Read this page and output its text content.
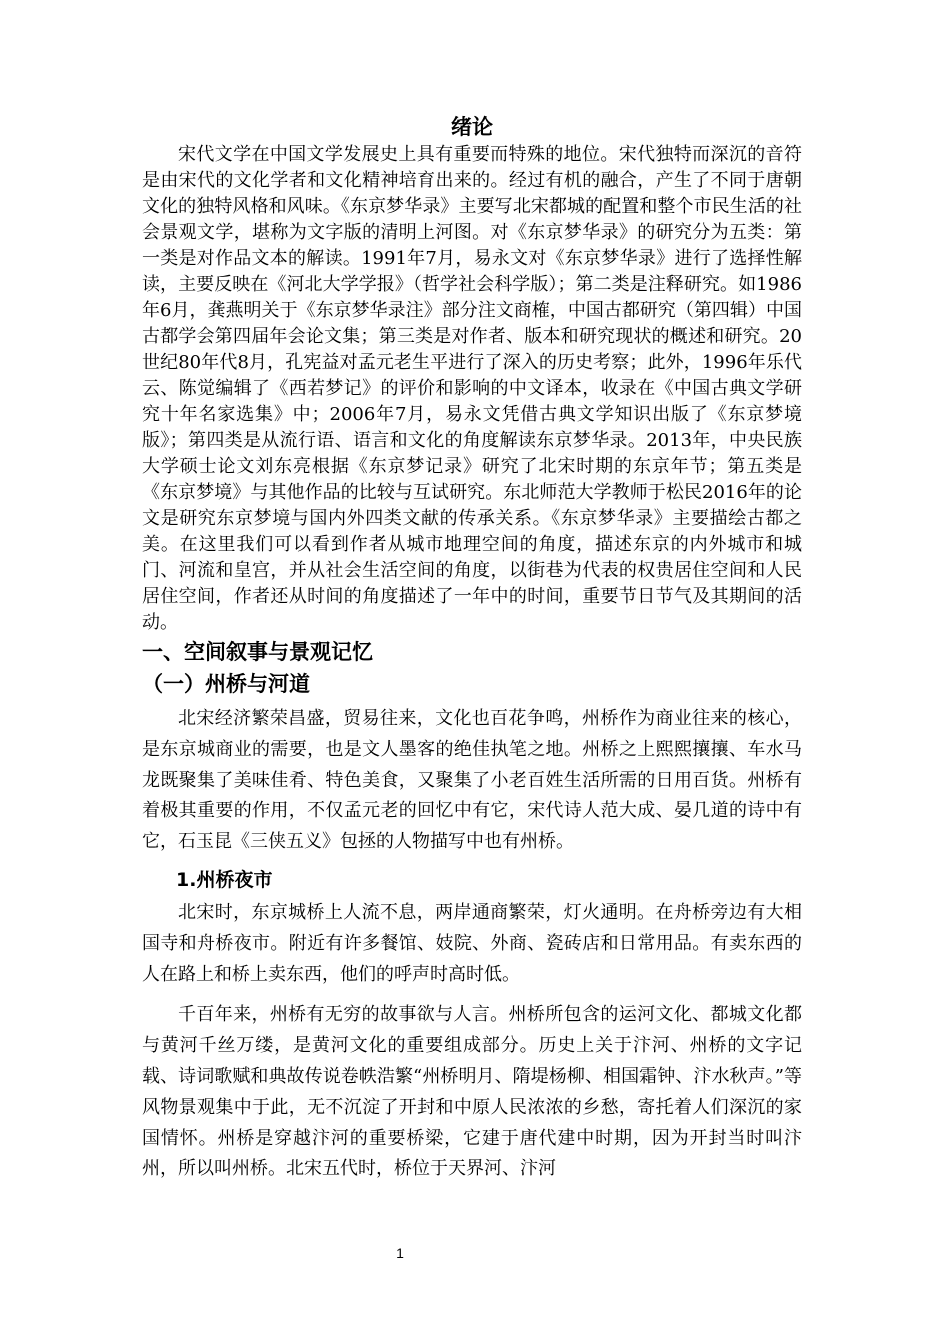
绪论

宋代文学在中国文学发展史上具有重要而特殊的地位。宋代独特而深沉的音符是由宋代的文化学者和文化精神培育出来的。经过有机的融合，产生了不同于唐朝文化的独特风格和风味。《东京梦华录》主要写北宋都城的配置和整个市民生活的社会景观文学，堪称为文字版的清明上河图。对《东京梦华录》的研究分为五类：第一类是对作品文本的解读。1991年7月，易永文对《东京梦华录》进行了选择性解读，主要反映在《河北大学学报》（哲学社会科学版）；第二类是注释研究。如1986年6月，龚燕明关于《东京梦华录注》部分注文商榷，中国古都研究（第四辑）中国古都学会第四届年会论文集；第三类是对作者、版本和研究现状的概述和研究。20世纪80年代8月，孔宪益对孟元老生平进行了深入的历史考察；此外，1996年乐代云、陈觉编辑了《西若梦记》的评价和影响的中文译本，收录在《中国古典文学研究十年名家选集》中；2006年7月，易永文凭借古典文学知识出版了《东京梦境版》；第四类是从流行语、语言和文化的角度解读东京梦华录。2013年，中央民族大学硕士论文刘东亮根据《东京梦记录》研究了北宋时期的东京年节；第五类是《东京梦境》与其他作品的比较与互试研究。东北师范大学教师于松民2016年的论文是研究东京梦境与国内外四类文献的传承关系。《东京梦华录》主要描绘古都之美。在这里我们可以看到作者从城市地理空间的角度，描述东京的内外城市和城门、河流和皇宫，并从社会生活空间的角度，以街巷为代表的权贵居住空间和人民居住空间，作者还从时间的角度描述了一年中的时间，重要节日节气及其期间的活动。

一、空间叙事与景观记忆
（一）州桥与河道

北宋经济繁荣昌盛，贸易往来，文化也百花争鸣，州桥作为商业往来的核心，是东京城商业的需要，也是文人墨客的绝佳执笔之地。州桥之上熙熙攘攘、车水马龙既聚集了美味佳肴、特色美食，又聚集了小老百姓生活所需的日用百货。州桥有着极其重要的作用，不仅孟元老的回忆中有它，宋代诗人范大成、晏几道的诗中有它，石玉昆《三侠五义》包拯的人物描写中也有州桥。

1.州桥夜市

北宋时，东京城桥上人流不息，两岸通商繁荣，灯火通明。在舟桥旁边有大相国寺和舟桥夜市。附近有许多餐馆、妓院、外商、瓷砖店和日常用品。有卖东西的人在路上和桥上卖东西，他们的呼声时高时低。

千百年来，州桥有无穷的故事欲与人言。州桥所包含的运河文化、都城文化都与黄河千丝万缕，是黄河文化的重要组成部分。历史上关于汴河、州桥的文字记载、诗词歌赋和典故传说卷帙浩繁“州桥明月、隋堤杨柳、相国霜钟、汴水秋声。”等风物景观集中于此，无不沉淀了开封和中原人民浓浓的乡愁，寄托着人们深沉的家国情怀。州桥是穿越汴河的重要桥梁，它建于唐代建中时期，因为开封当时叫汴州，所以叫州桥。北宋五代时，桥位于天界河、汴河

1
